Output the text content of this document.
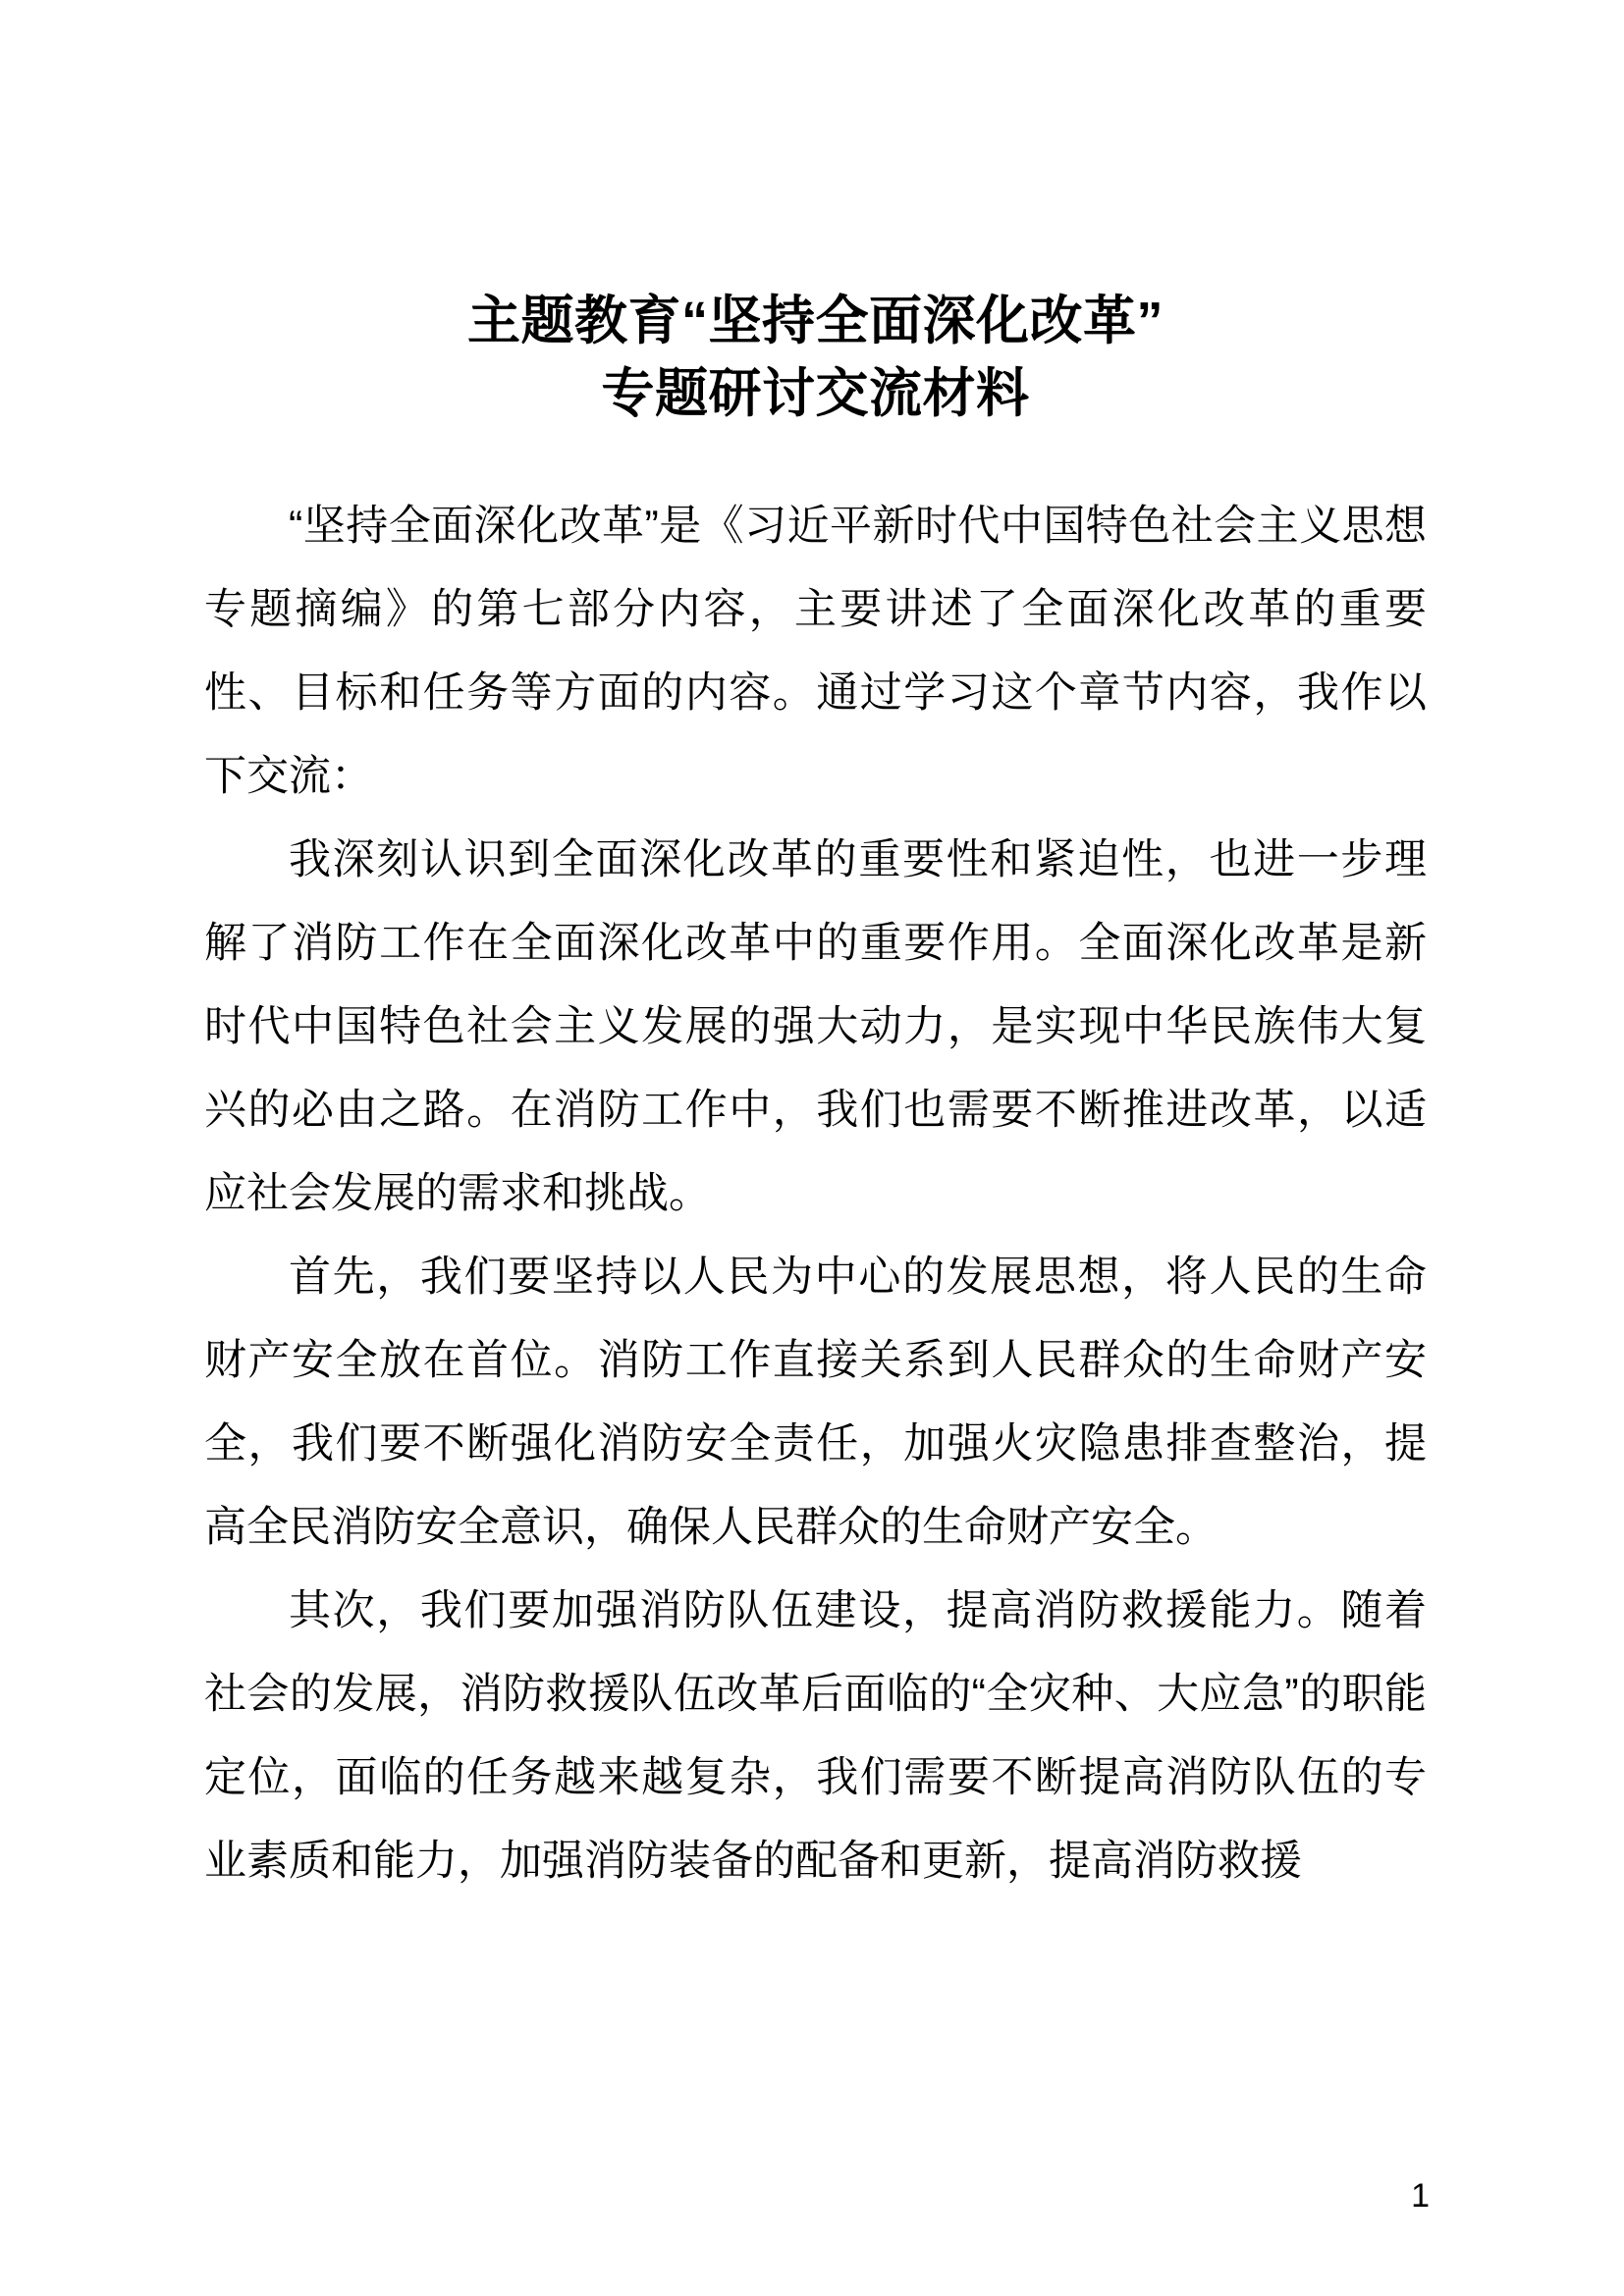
主题教育“坚持全面深化改革”
专题研讨交流材料

“坚持全面深化改革”是《习近平新时代中国特色社会主义思想专题摘编》的第七部分内容，主要讲述了全面深化改革的重要性、目标和任务等方面的内容。通过学习这个章节内容，我作以下交流：

我深刻认识到全面深化改革的重要性和紧迫性，也进一步理解了消防工作在全面深化改革中的重要作用。全面深化改革是新时代中国特色社会主义发展的强大动力，是实现中华民族伟大复兴的必由之路。在消防工作中，我们也需要不断推进改革，以适应社会发展的需求和挑战。

首先，我们要坚持以人民为中心的发展思想，将人民的生命财产安全放在首位。消防工作直接关系到人民群众的生命财产安全，我们要不断强化消防安全责任，加强火灾隐患排查整治，提高全民消防安全意识，确保人民群众的生命财产安全。

其次，我们要加强消防队伍建设，提高消防救援能力。随着社会的发展，消防救援队伍改革后面临的“全灾种、大应急”的职能定位，面临的任务越来越复杂，我们需要不断提高消防队伍的专业素质和能力，加强消防装备的配备和更新，提高消防救援

1
